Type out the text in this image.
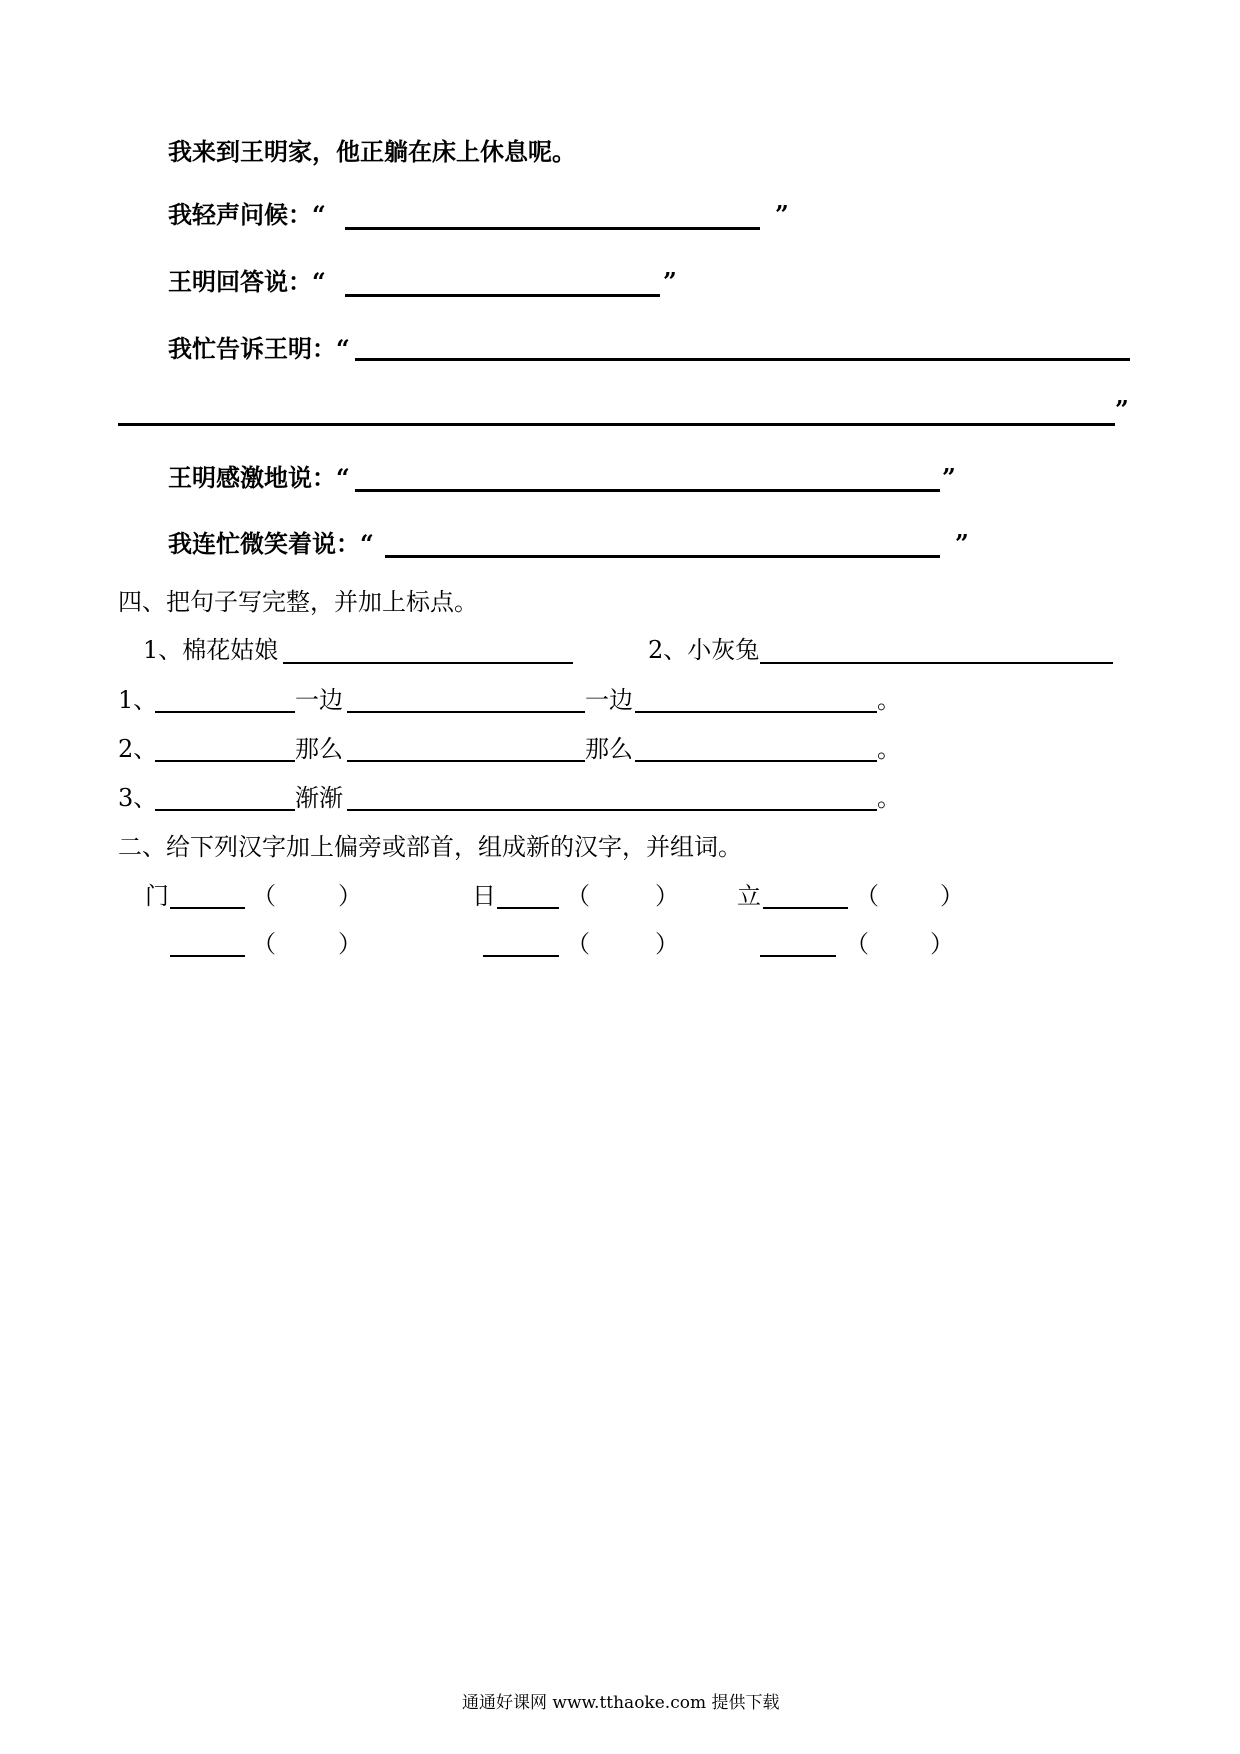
我来到王明家，他正躺在床上休息呢。
我轻声问候：“	”
王明回答说：“	”
我忙告诉王明：“
”
王明感激地说：“	”
我连忙微笑着说：“	”
四、把句子写完整，并加上标点。
1、棉花姑娘	2、小灰兔
1、	一边	一边	。
2、	那么	那么	。
3、	渐渐	。
二、给下列汉字加上偏旁或部首，组成新的汉字，并组词。
门	（	）	日	（	） 立	（	）
（	）	（	）	（	）
通通好课网 www.tthaoke.com 提供下载
